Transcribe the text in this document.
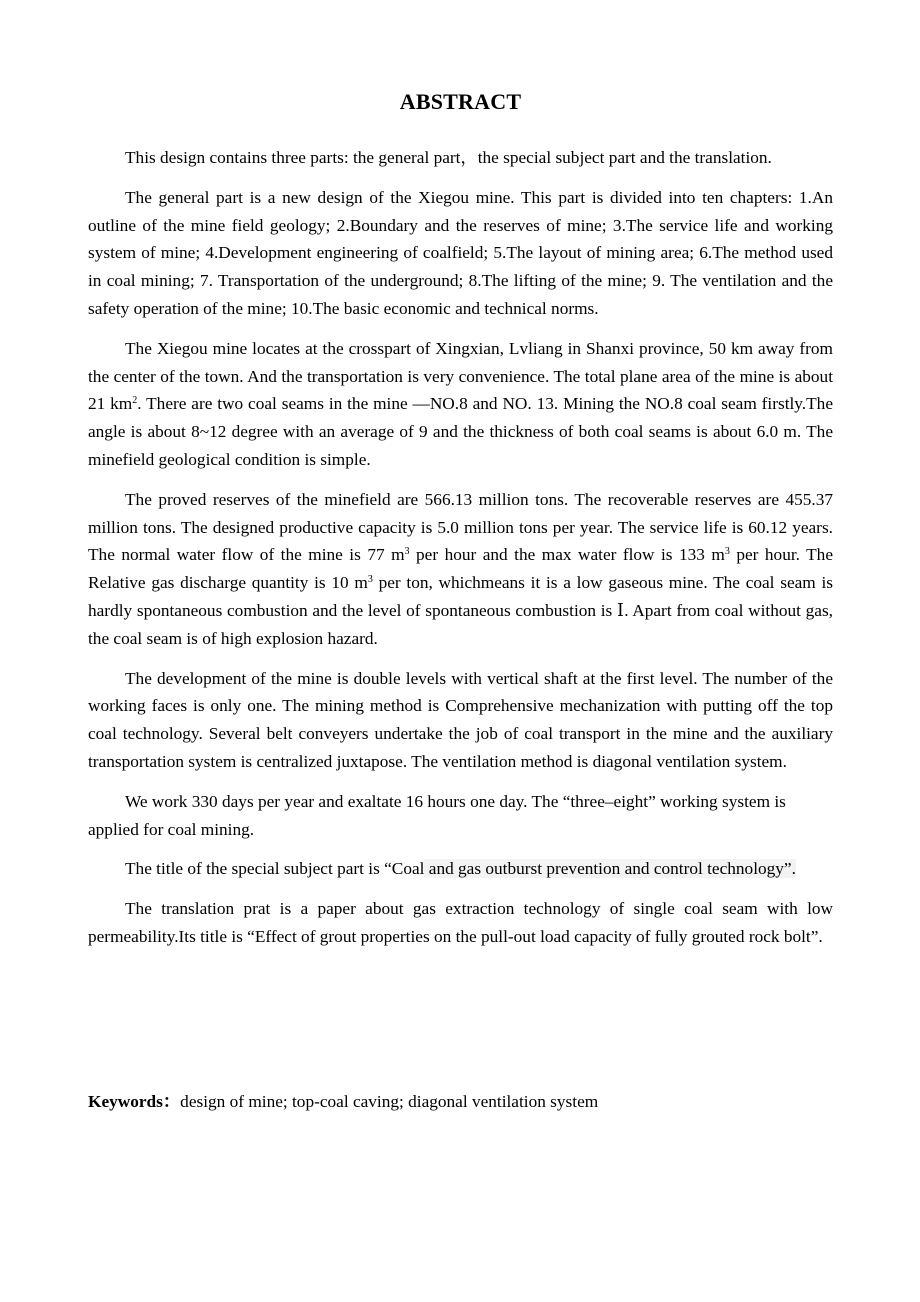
ABSTRACT

This design contains three parts: the general part，the special subject part and the translation.

The general part is a new design of the Xiegou mine. This part is divided into ten chapters: 1.An outline of the mine field geology; 2.Boundary and the reserves of mine; 3.The service life and working system of mine; 4.Development engineering of coalfield; 5.The layout of mining area; 6.The method used in coal mining; 7. Transportation of the underground; 8.The lifting of the mine; 9. The ventilation and the safety operation of the mine; 10.The basic economic and technical norms.

The Xiegou mine locates at the crosspart of Xingxian, Lvliang in Shanxi province, 50 km away from the center of the town. And the transportation is very convenience. The total plane area of the mine is about 21 $km^2$. There are two coal seams in the mine —NO.8 and NO. 13. Mining the NO.8 coal seam firstly.The angle is about 8~12 degree with an average of 9 and the thickness of both coal seams is about 6.0 m. The minefield geological condition is simple.

The proved reserves of the minefield are 566.13 million tons. The recoverable reserves are 455.37 million tons. The designed productive capacity is 5.0 million tons per year. The service life is 60.12 years. The normal water flow of the mine is 77 $m^3$ per hour and the max water flow is 133 $m^3$ per hour. The Relative gas discharge quantity is 10 $m^3$ per ton, whichmeans it is a low gaseous mine. The coal seam is hardly spontaneous combustion and the level of spontaneous combustion is Ⅰ. Apart from coal without gas, the coal seam is of high explosion hazard.

The development of the mine is double levels with vertical shaft at the first level. The number of the working faces is only one. The mining method is Comprehensive mechanization with putting off the top coal technology. Several belt conveyers undertake the job of coal transport in the mine and the auxiliary transportation system is centralized juxtapose. The ventilation method is diagonal ventilation system.

We work 330 days per year and exaltate 16 hours one day. The “three–eight” working system is applied for coal mining.

The title of the special subject part is “Coal and gas outburst prevention and control technology”.

The translation prat is a paper about gas extraction technology of single coal seam with low permeability.Its title is “Effect of grout properties on the pull-out load capacity of fully grouted rock bolt”.

Keywords：design of mine; top-coal caving; diagonal ventilation system
